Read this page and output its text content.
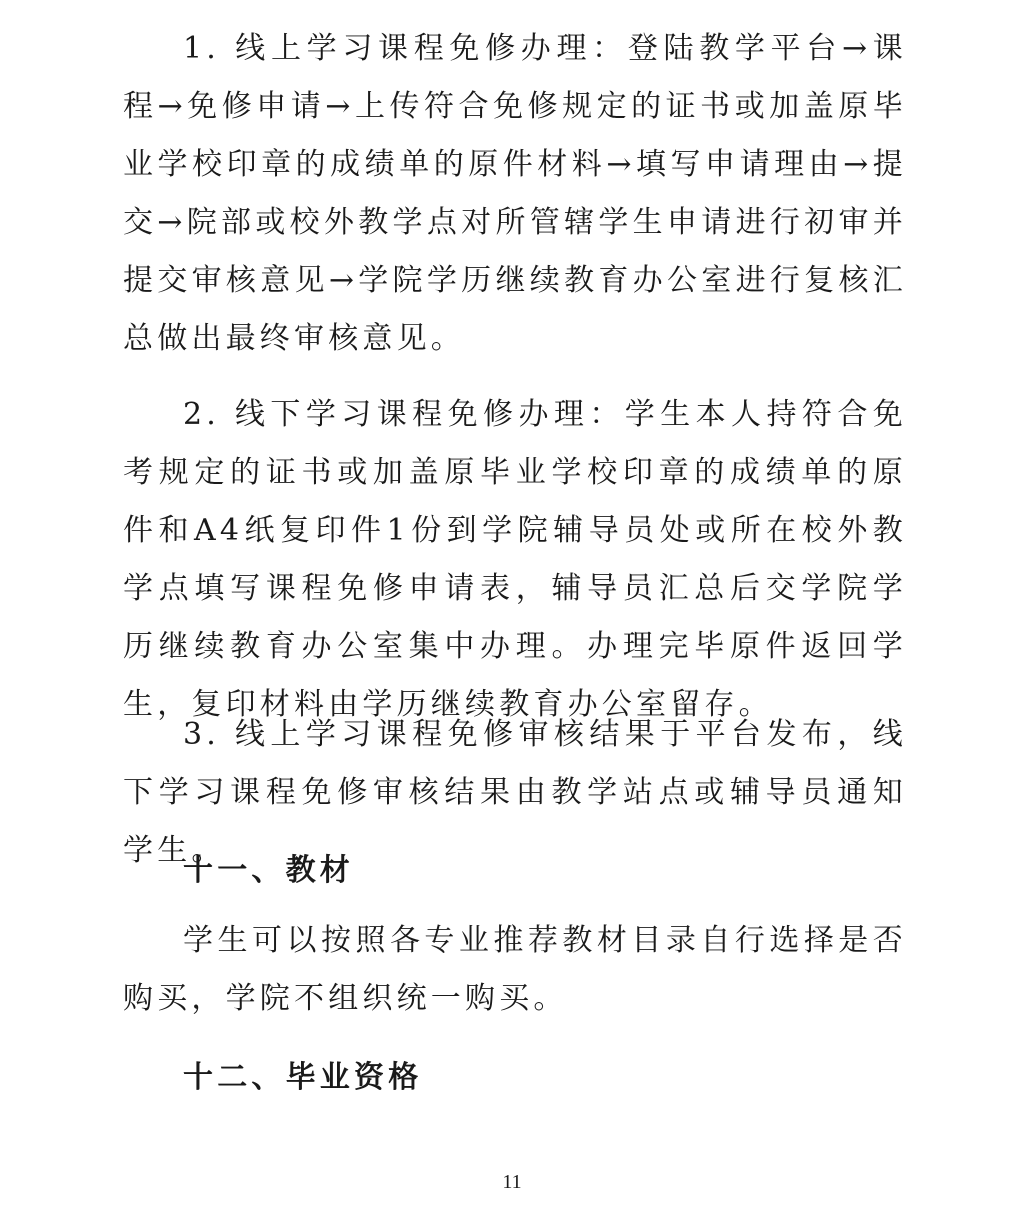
1. 线上学习课程免修办理：登陆教学平台→课程→免修申请→上传符合免修规定的证书或加盖原毕业学校印章的成绩单的原件材料→填写申请理由→提交→院部或校外教学点对所管辖学生申请进行初审并提交审核意见→学院学历继续教育办公室进行复核汇总做出最终审核意见。

2. 线下学习课程免修办理：学生本人持符合免考规定的证书或加盖原毕业学校印章的成绩单的原件和A4纸复印件1份到学院辅导员处或所在校外教学点填写课程免修申请表，辅导员汇总后交学院学历继续教育办公室集中办理。办理完毕原件返回学生，复印材料由学历继续教育办公室留存。

3. 线上学习课程免修审核结果于平台发布，线下学习课程免修审核结果由教学站点或辅导员通知学生。

十一、教材

学生可以按照各专业推荐教材目录自行选择是否购买，学院不组织统一购买。

十二、毕业资格
11
